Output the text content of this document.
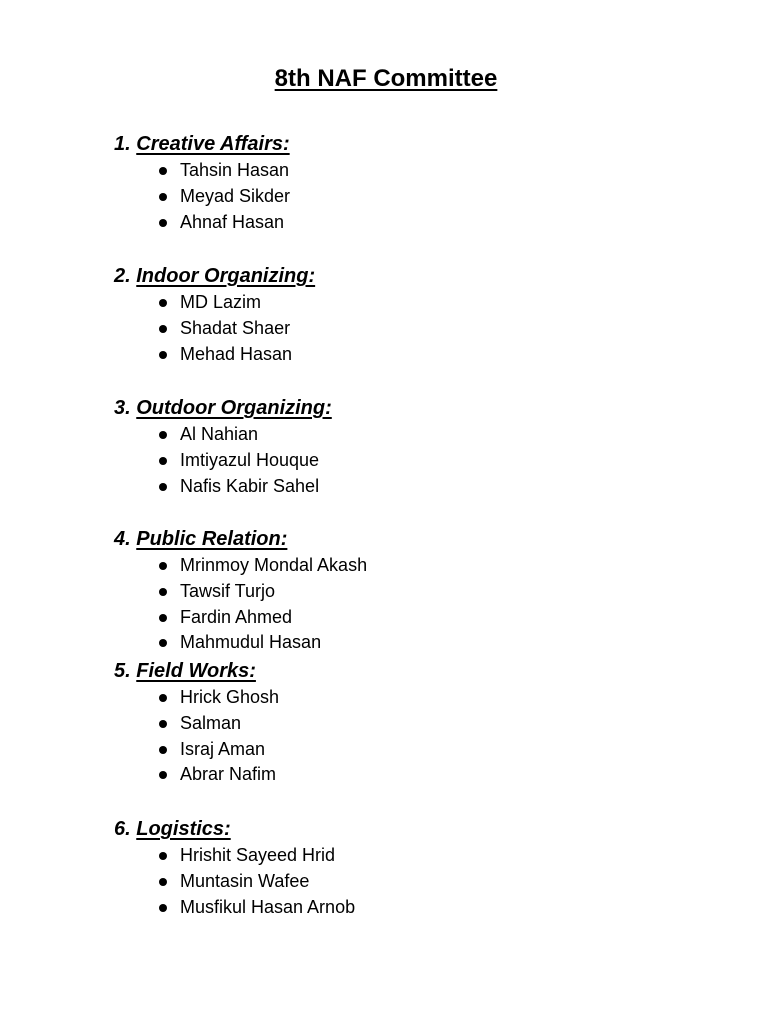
8th NAF Committee
1. Creative Affairs:
Tahsin Hasan
Meyad Sikder
Ahnaf Hasan
2. Indoor Organizing:
MD Lazim
Shadat Shaer
Mehad Hasan
3. Outdoor Organizing:
Al Nahian
Imtiyazul Houque
Nafis Kabir Sahel
4. Public Relation:
Mrinmoy Mondal Akash
Tawsif Turjo
Fardin Ahmed
Mahmudul Hasan
5. Field Works:
Hrick Ghosh
Salman
Israj Aman
Abrar Nafim
6. Logistics:
Hrishit Sayeed Hrid
Muntasin Wafee
Musfikul Hasan Arnob
